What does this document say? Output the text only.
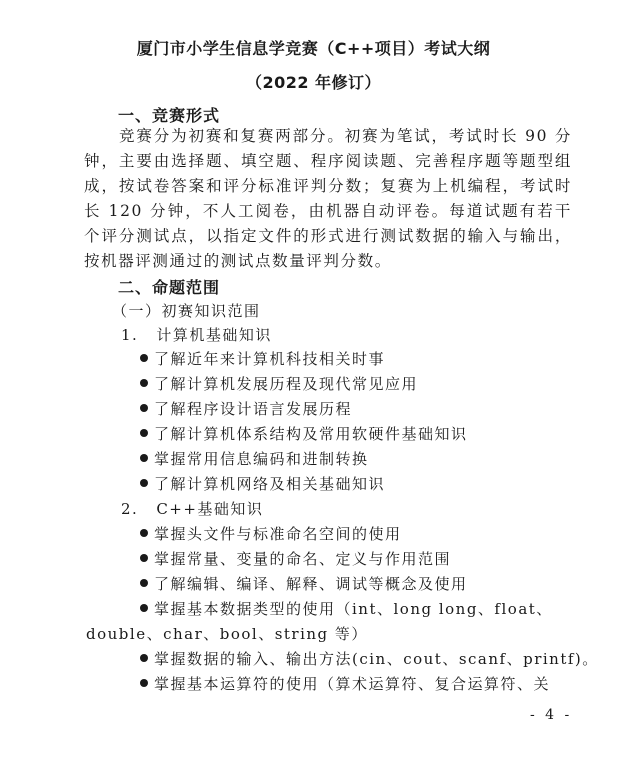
厦门市小学生信息学竞赛（C++项目）考试大纲
（2022 年修订）
一、竞赛形式
竞赛分为初赛和复赛两部分。初赛为笔试，考试时长 90 分钟，主要由选择题、填空题、程序阅读题、完善程序题等题型组成，按试卷答案和评分标准评判分数；复赛为上机编程，考试时长 120 分钟，不人工阅卷，由机器自动评卷。每道试题有若干个评分测试点，以指定文件的形式进行测试数据的输入与输出，按机器评测通过的测试点数量评判分数。
二、命题范围
（一）初赛知识范围
1. 计算机基础知识
了解近年来计算机科技相关时事
了解计算机发展历程及现代常见应用
了解程序设计语言发展历程
了解计算机体系结构及常用软硬件基础知识
掌握常用信息编码和进制转换
了解计算机网络及相关基础知识
2. C++基础知识
掌握头文件与标准命名空间的使用
掌握常量、变量的命名、定义与作用范围
了解编辑、编译、解释、调试等概念及使用
掌握基本数据类型的使用（int、long long、float、
double、char、bool、string 等）
掌握数据的输入、输出方法(cin、cout、scanf、printf)。
掌握基本运算符的使用（算术运算符、复合运算符、关
- 4 -
